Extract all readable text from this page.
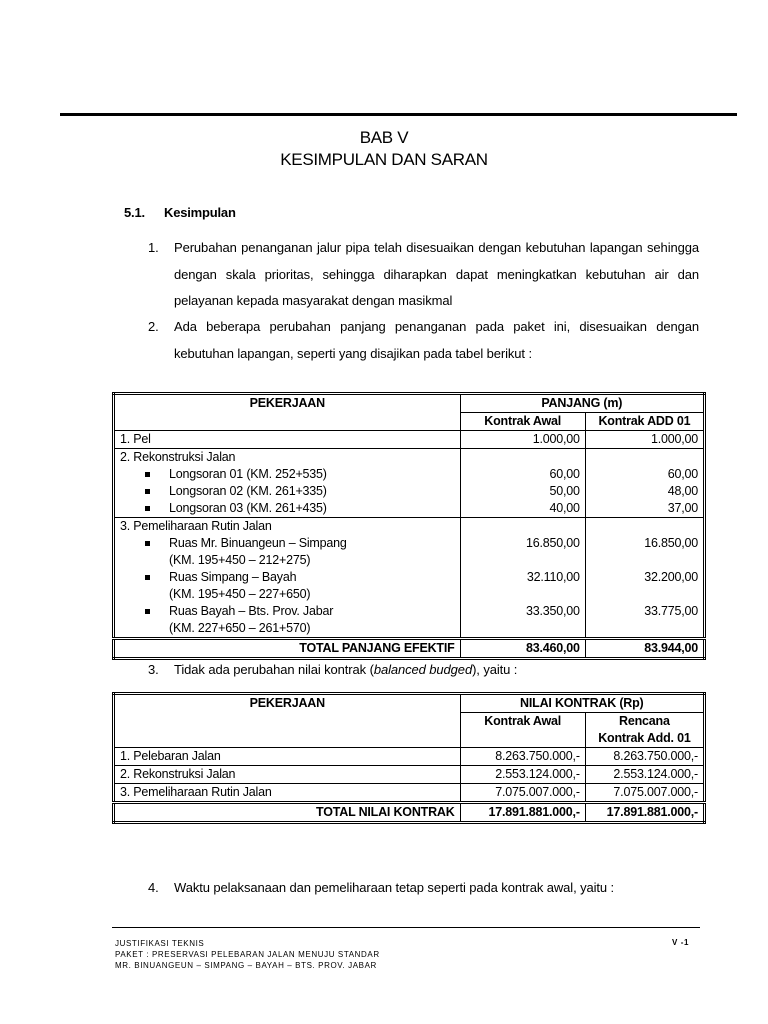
BAB V
KESIMPULAN DAN SARAN
5.1. Kesimpulan
1. Perubahan penanganan jalur pipa telah disesuaikan dengan kebutuhan lapangan sehingga
dengan skala prioritas, sehingga diharapkan dapat meningkatkan kebutuhan air dan
pelayanan kepada masyarakat dengan masikmal
2. Ada beberapa perubahan panjang penanganan pada paket ini, disesuaikan dengan
kebutuhan lapangan, seperti yang disajikan pada tabel berikut :
PEKERJAAN	PANJANG (m)	
	Kontrak Awal	Kontrak ADD 01
1. Pel	1.000,00	1.000,00
2. Rekonstruksi Jalan		

Longsoran 01 (KM. 252+535)	60,00	60,00

Longsoran 02 (KM. 261+335)	50,00	48,00

Longsoran 03 (KM. 261+435)	40,00	37,00
3. Pemeliharaan Rutin Jalan		

Ruas Mr. Binuangeun – Simpang
(KM. 195+450 – 212+275)	16.850,00	16.850,00

Ruas Simpang – Bayah
(KM. 195+450 – 227+650)	32.110,00	32.200,00

Ruas Bayah – Bts. Prov. Jabar
(KM. 227+650 – 261+570)	33.350,00	33.775,00
TOTAL PANJANG EFEKTIF	83.460,00	83.944,00
3. Tidak ada perubahan nilai kontrak (balanced budged), yaitu :
PEKERJAAN	NILAI KONTRAK (Rp)	
	Kontrak Awal	Rencana
Kontrak Add. 01
1. Pelebaran Jalan	8.263.750.000,-	8.263.750.000,-
2. Rekonstruksi Jalan	2.553.124.000,-	2.553.124.000,-
3. Pemeliharaan Rutin Jalan	7.075.007.000,-	7.075.007.000,-
TOTAL NILAI KONTRAK	17.891.881.000,-	17.891.881.000,-
4. Waktu pelaksanaan dan pemeliharaan tetap seperti pada kontrak awal, yaitu :
JUSTIFIKASI TEKNIS
PAKET : PRESERVASI PELEBARAN JALAN MENUJU STANDAR
MR. BINUANGEUN – SIMPANG – BAYAH – BTS. PROV. JABAR
V -1
